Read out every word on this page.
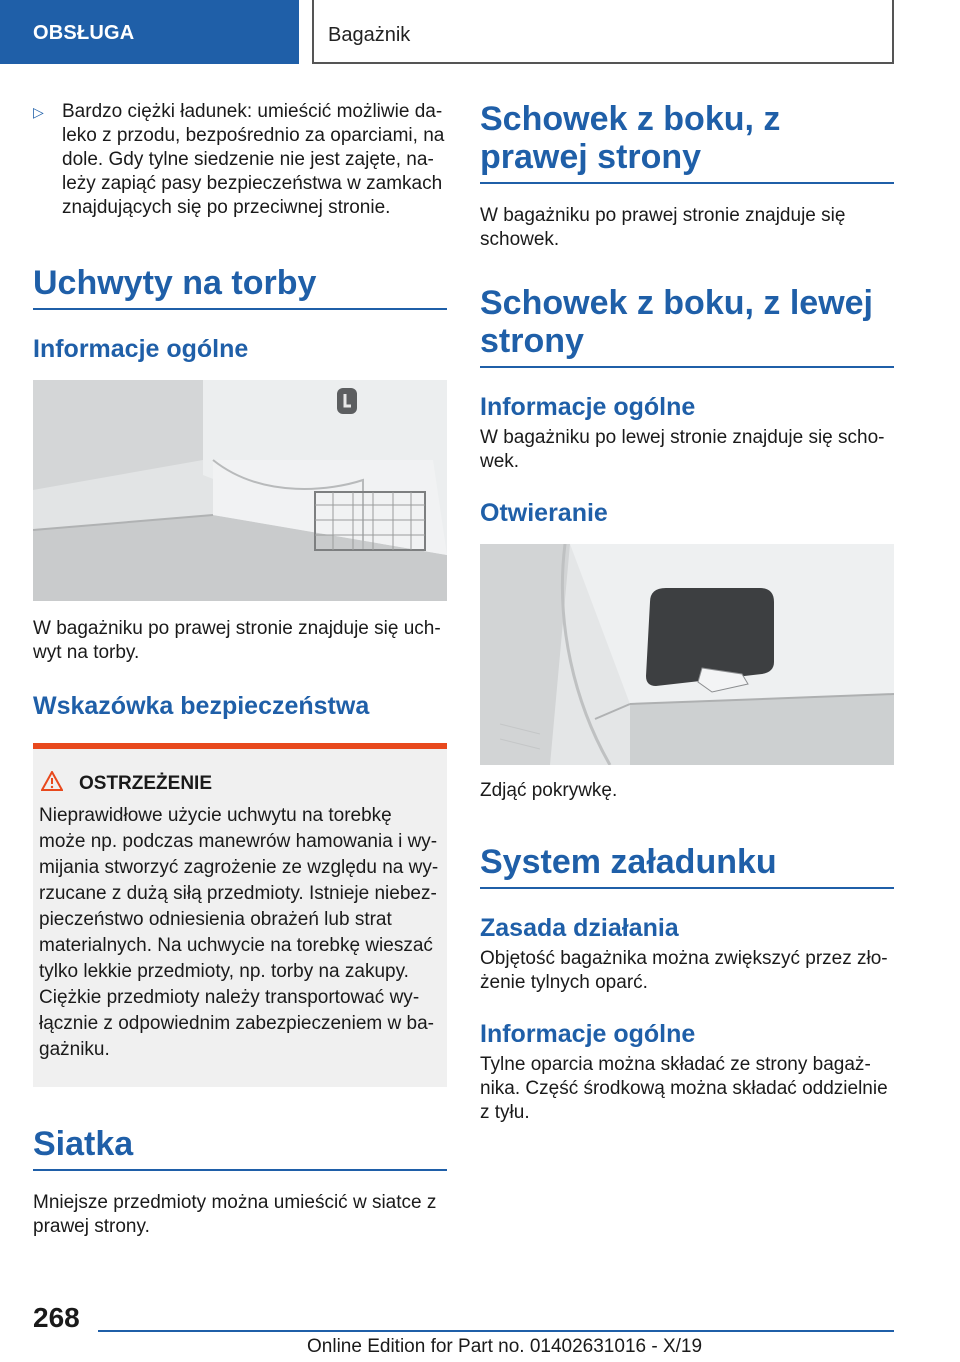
OBSŁUGA	Bagażnik

▷ Bardzo ciężki ładunek: umieścić możliwie daleko z przodu, bezpośrednio za oparciami, na dole. Gdy tylne siedzenie nie jest zajęte, należy zapiąć pasy bezpieczeństwa w zamkach znajdujących się po przeciwnej stronie.

Uchwyty na torby
Informacje ogólne

W bagażniku po prawej stronie znajduje się uchwyt na torby.

Wskazówka bezpieczeństwa
OSTRZEŻENIE

Nieprawidłowe użycie uchwytu na torebkę może np. podczas manewrów hamowania i wymijania stworzyć zagrożenie ze względu na wyrzucane z dużą siłą przedmioty. Istnieje niebezpieczeństwo odniesienia obrażeń lub strat materialnych. Na uchwycie na torebkę wieszać tylko lekkie przedmioty, np. torby na zakupy. Ciężkie przedmioty należy transportować wyłącznie z odpowiednim zabezpieczeniem w bagażniku.

Siatka

Mniejsze przedmioty można umieścić w siatce z prawej strony.

Schowek z boku, z prawej strony

W bagażniku po prawej stronie znajduje się schowek.

Schowek z boku, z lewej strony
Informacje ogólne

W bagażniku po lewej stronie znajduje się schowek.

Otwieranie

Zdjąć pokrywkę.

System załadunku
Zasada działania

Objętość bagażnika można zwiększyć przez złożenie tylnych oparć.

Informacje ogólne

Tylne oparcia można składać ze strony bagażnika. Część środkową można składać oddzielnie z tyłu.

268
Online Edition for Part no. 01402631016 - X/19
